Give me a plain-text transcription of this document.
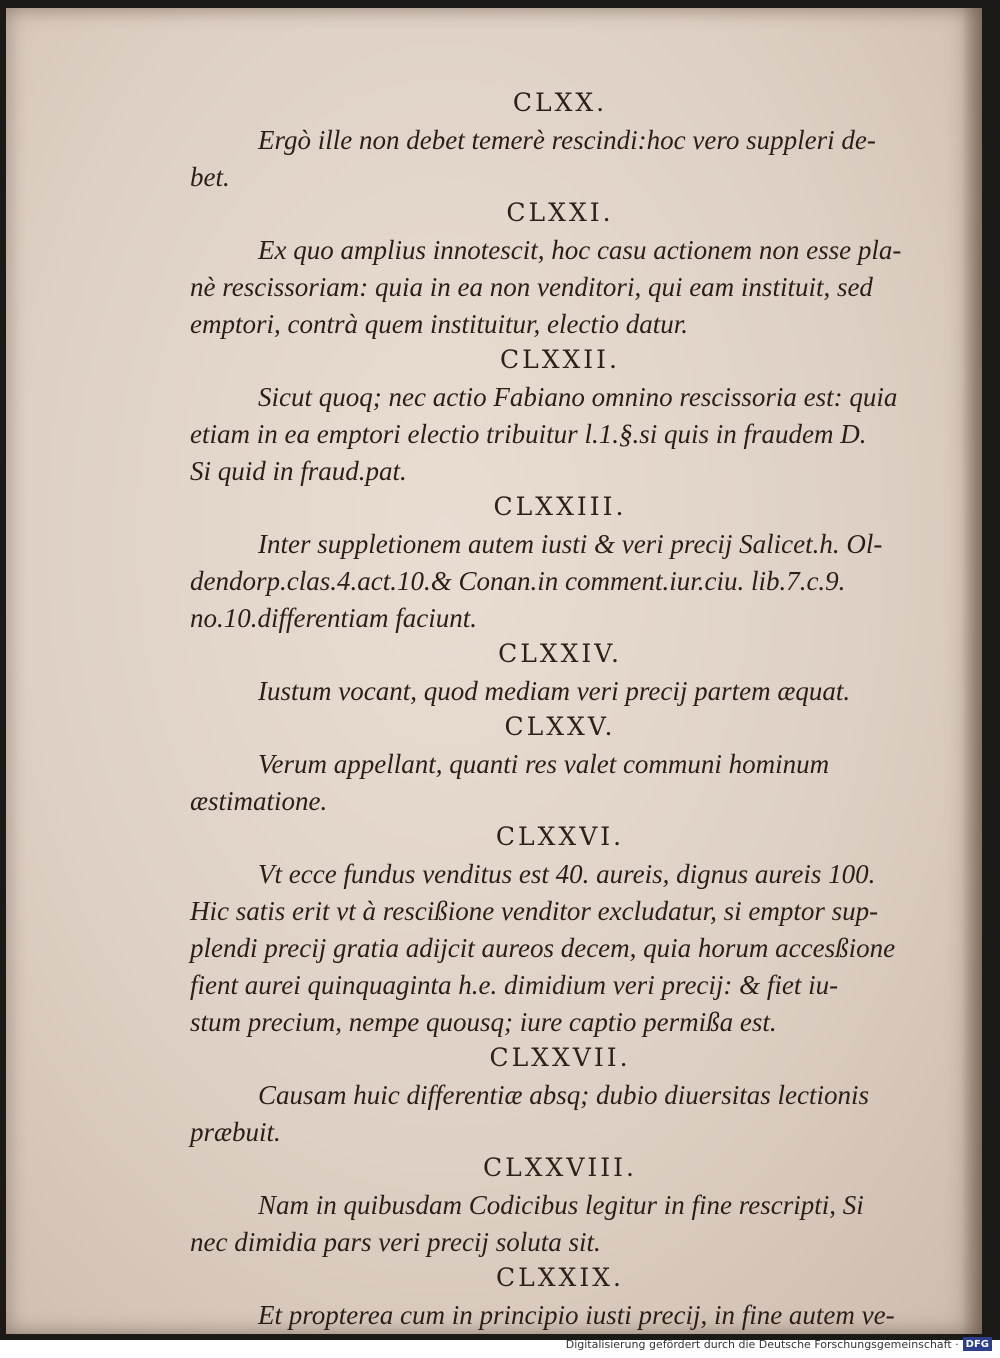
CLXX.
Ergò ille non debet temerè rescindi:hoc vero suppleri de-
bet.
CLXXI.
Ex quo amplius innotescit, hoc casu actionem non esse pla-
nè rescissoriam: quia in ea non venditori, qui eam instituit, sed
emptori, contrà quem instituitur, electio datur.
CLXXII.
Sicut quoq; nec actio Fabiano omnino rescissoria est: quia
etiam in ea emptori electio tribuitur l.1.§.si quis in fraudem D.
Si quid in fraud.pat.
CLXXIII.
Inter suppletionem autem iusti & veri precij Salicet.h. Ol-
dendorp.clas.4.act.10.& Conan.in comment.iur.ciu. lib.7.c.9.
no.10.differentiam faciunt.
CLXXIV.
Iustum vocant, quod mediam veri precij partem æquat.
CLXXV.
Verum appellant, quanti res valet communi hominum
æstimatione.
CLXXVI.
Vt ecce fundus venditus est 40. aureis, dignus aureis 100.
Hic satis erit vt à rescißione venditor excludatur, si emptor sup-
plendi precij gratia adijcit aureos decem, quia horum accesßione
fient aurei quinquaginta h.e. dimidium veri precij: & fiet iu-
stum precium, nempe quousq; iure captio permißa est.
CLXXVII.
Causam huic differentiæ absq; dubio diuersitas lectionis
præbuit.
CLXXVIII.
Nam in quibusdam Codicibus legitur in fine rescripti, Si
nec dimidia pars veri precij soluta sit.
CLXXIX.
Et propterea cum in principio iusti precij, in fine autem ve-
Digitalisierung gefördert durch die Deutsche Forschungsgemeinschaft · DFG
